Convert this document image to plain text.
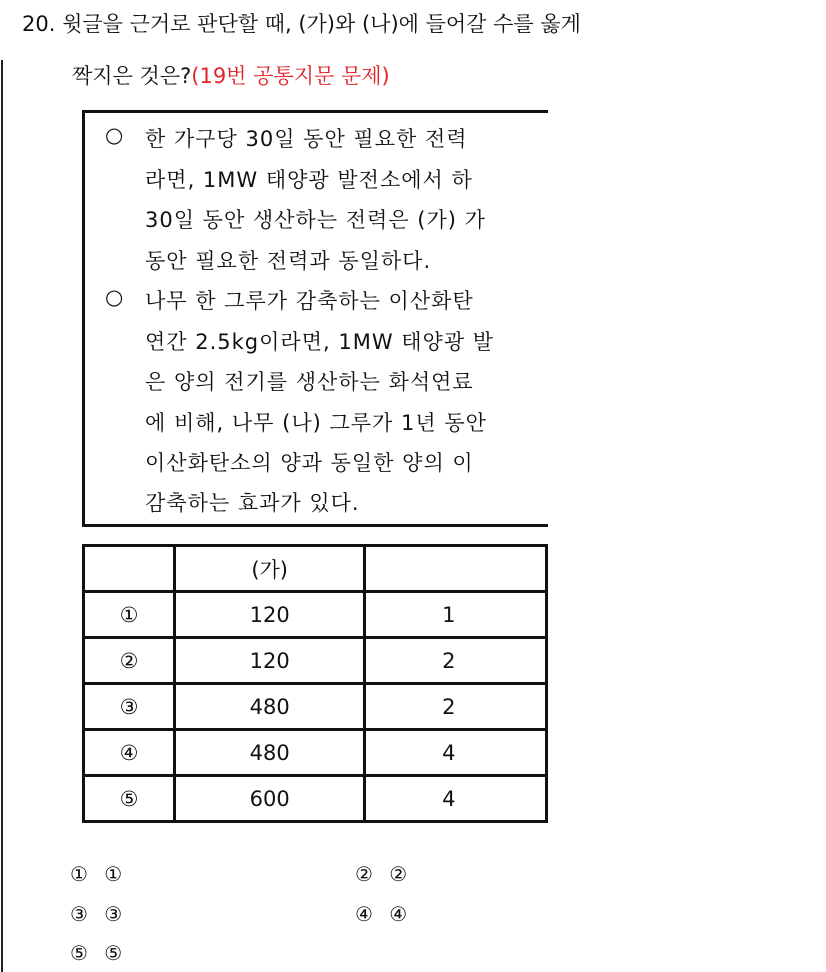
20. 윗글을 근거로 판단할 때, (가)와 (나)에 들어갈 수를 옳게
짝지은 것은?(19번 공통지문 문제)
○ 한 가구당 30일 동안 필요한 전력
라면, 1MW 태양광 발전소에서 하
30일 동안 생산하는 전력은 (가) 가
동안 필요한 전력과 동일하다.
○ 나무 한 그루가 감축하는 이산화탄
연간 2.5kg이라면, 1MW 태양광 발
은 양의 전기를 생산하는 화석연료
에 비해, 나무 (나) 그루가 1년 동안
이산화탄소의 양과 동일한 양의 이
감축하는 효과가 있다.
	(가)	
①	120	1
②	120	2
③	480	2
④	480	4
⑤	600	4
① ①	② ②
③ ③	④ ④
⑤ ⑤
